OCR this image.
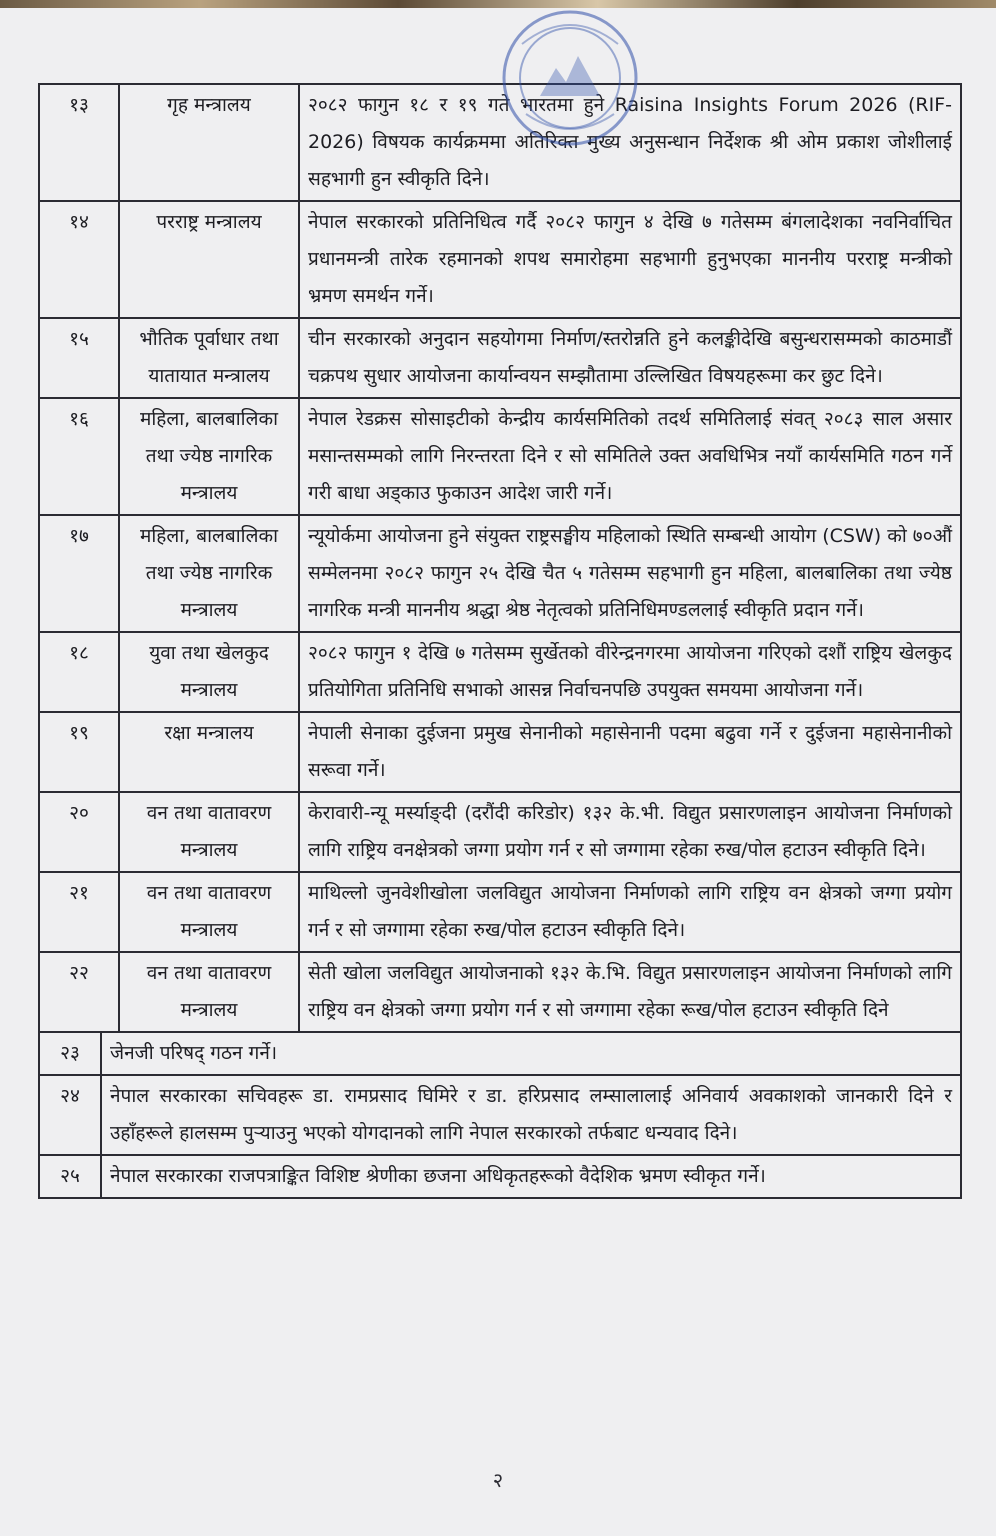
१३		गृह मन्त्रालय	२०८२ फागुन १८ र १९ गते भारतमा हुने Raisina Insights Forum 2026 (RIF-2026) विषयक कार्यक्रममा अतिरिक्त मुख्य अनुसन्धान निर्देशक श्री ओम प्रकाश जोशीलाई सहभागी हुन स्वीकृति दिने।
१४		परराष्ट्र मन्त्रालय	नेपाल सरकारको प्रतिनिधित्व गर्दै २०८२ फागुन ४ देखि ७ गतेसम्म बंगलादेशका नवनिर्वाचित प्रधानमन्त्री तारेक रहमानको शपथ समारोहमा सहभागी हुनुभएका माननीय परराष्ट्र मन्त्रीको भ्रमण समर्थन गर्ने।
१५		भौतिक पूर्वाधार तथा यातायात मन्त्रालय	चीन सरकारको अनुदान सहयोगमा निर्माण/स्तरोन्नति हुने कलङ्कीदेखि बसुन्धरासम्मको काठमाडौं चक्रपथ सुधार आयोजना कार्यान्वयन सम्झौतामा उल्लिखित विषयहरूमा कर छुट दिने।
१६		महिला, बालबालिका तथा ज्येष्ठ नागरिक मन्त्रालय	नेपाल रेडक्रस सोसाइटीको केन्द्रीय कार्यसमितिको तदर्थ समितिलाई संवत् २०८३ साल असार मसान्तसम्मको लागि निरन्तरता दिने र सो समितिले उक्त अवधिभित्र नयाँ कार्यसमिति गठन गर्ने गरी बाधा अड्काउ फुकाउन आदेश जारी गर्ने।
१७		महिला, बालबालिका तथा ज्येष्ठ नागरिक मन्त्रालय	न्यूयोर्कमा आयोजना हुने संयुक्त राष्ट्रसङ्घीय महिलाको स्थिति सम्बन्धी आयोग (CSW) को ७०औं सम्मेलनमा २०८२ फागुन २५ देखि चैत ५ गतेसम्म सहभागी हुन महिला, बालबालिका तथा ज्येष्ठ नागरिक मन्त्री माननीय श्रद्धा श्रेष्ठ नेतृत्वको प्रतिनिधिमण्डललाई स्वीकृति प्रदान गर्ने।
१८		युवा तथा खेलकुद मन्त्रालय	२०८२ फागुन १ देखि ७ गतेसम्म सुर्खेतको वीरेन्द्रनगरमा आयोजना गरिएको दशौं राष्ट्रिय खेलकुद प्रतियोगिता प्रतिनिधि सभाको आसन्न निर्वाचनपछि उपयुक्त समयमा आयोजना गर्ने।
१९		रक्षा मन्त्रालय	नेपाली सेनाका दुईजना प्रमुख सेनानीको महासेनानी पदमा बढुवा गर्ने र दुईजना महासेनानीको सरूवा गर्ने।
२०		वन तथा वातावरण मन्त्रालय	केरावारी-न्यू मर्स्याङ्दी (दरौंदी करिडोर) १३२ के.भी. विद्युत प्रसारणलाइन आयोजना निर्माणको लागि राष्ट्रिय वनक्षेत्रको जग्गा प्रयोग गर्न र सो जग्गामा रहेका रुख/पोल हटाउन स्वीकृति दिने।
२१		वन तथा वातावरण मन्त्रालय	माथिल्लो जुनवेशीखोला जलविद्युत आयोजना निर्माणको लागि राष्ट्रिय वन क्षेत्रको जग्गा प्रयोग गर्न र सो जग्गामा रहेका रुख/पोल हटाउन स्वीकृति दिने।
२२		वन तथा वातावरण मन्त्रालय	सेती खोला जलविद्युत आयोजनाको १३२ के.भि. विद्युत प्रसारणलाइन आयोजना निर्माणको लागि राष्ट्रिय वन क्षेत्रको जग्गा प्रयोग गर्न र सो जग्गामा रहेका रूख/पोल हटाउन स्वीकृति दिने
२३	जेनजी परिषद् गठन गर्ने।		
२४	नेपाल सरकारका सचिवहरू डा. रामप्रसाद घिमिरे र डा. हरिप्रसाद लम्सालालाई अनिवार्य अवकाशको जानकारी दिने र उहाँहरूले हालसम्म पुऱ्याउनु भएको योगदानको लागि नेपाल सरकारको तर्फबाट धन्यवाद दिने।		
२५	नेपाल सरकारका राजपत्राङ्कित विशिष्ट श्रेणीका छजना अधिकृतहरूको वैदेशिक भ्रमण स्वीकृत गर्ने।		
२
